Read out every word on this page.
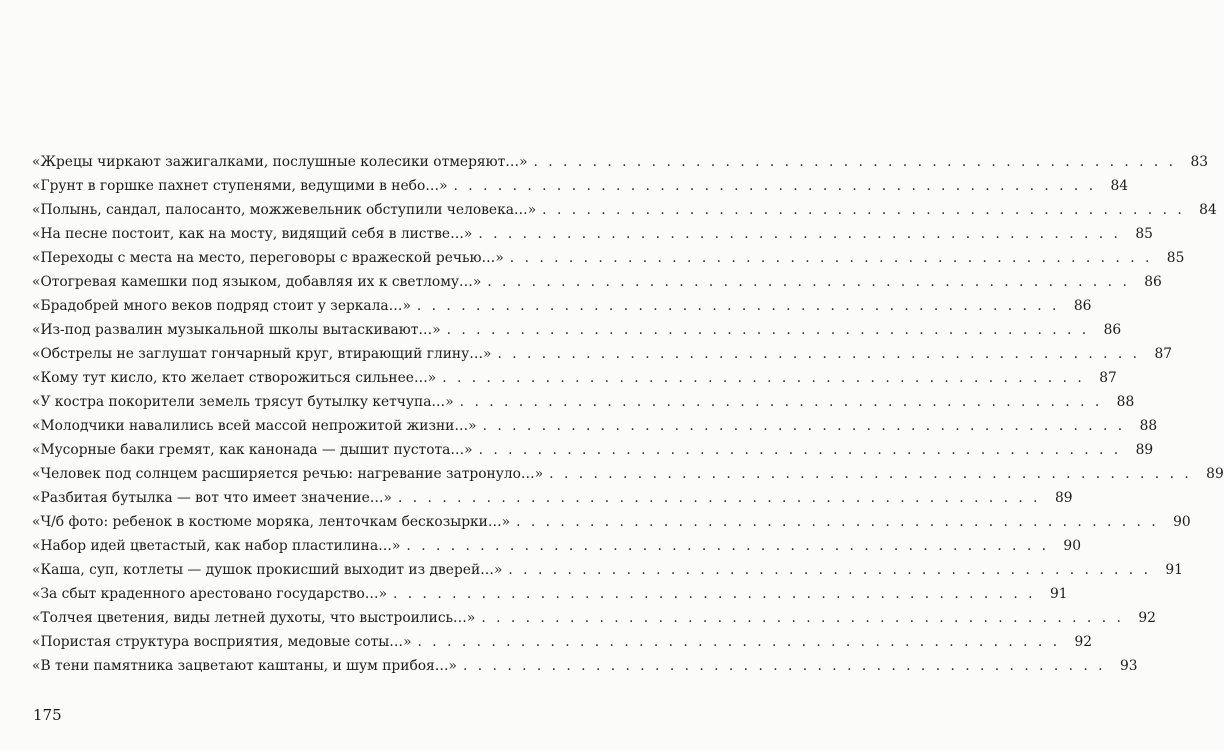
«Жрецы чиркают зажигалками, послушные колесики отмеряют…» . . .	83
«Грунт в горшке пахнет ступенями, ведущими в небо…» . . .	84
«Полынь, сандал, палосанто, можжевельник обступили человека…» . . .	84
«На песне постоит, как на мосту, видящий себя в листве…» . . .	85
«Переходы с места на место, переговоры с вражеской речью…» . . .	85
«Отогревая камешки под языком, добавляя их к светлому…» . . .	86
«Брадобрей много веков подряд стоит у зеркала…» . . .	86
«Из-под развалин музыкальной школы вытаскивают…» . . .	86
«Обстрелы не заглушат гончарный круг, втирающий глину…» . . .	87
«Кому тут кисло, кто желает створожиться сильнее…» . . .	87
«У костра покорители земель трясут бутылку кетчупа…» . . .	88
«Молодчики навалились всей массой непрожитой жизни…» . . .	88
«Мусорные баки гремят, как канонада — дышит пустота…» . . .	89
«Человек под солнцем расширяется речью: нагревание затронуло…» . . .	89
«Разбитая бутылка — вот что имеет значение…» . . .	89
«Ч/б фото: ребенок в костюме моряка, ленточкам бескозырки…» . . .	90
«Набор идей цветастый, как набор пластилина…» . . .	90
«Каша, суп, котлеты — душок прокисший выходит из дверей…» . . .	91
«За сбыт краденного арестовано государство…» . . .	91
«Толчея цветения, виды летней духоты, что выстроились…» . . .	92
«Пористая структура восприятия, медовые соты…» . . .	92
«В тени памятника зацветают каштаны, и шум прибоя…» . . .	93
175
